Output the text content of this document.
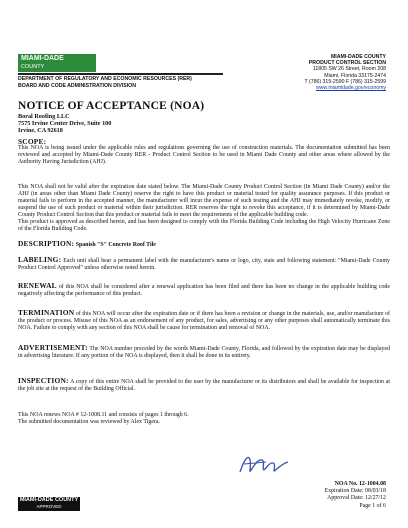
MIAMI-DADE
COUNTY
DEPARTMENT OF REGULATORY AND ECONOMIC RESOURCES (RER)
BOARD AND CODE ADMINISTRATION DIVISION
MIAMI-DADE COUNTY
PRODUCT CONTROL SECTION
11805 SW 26 Street, Room 208
Miami, Florida 33175-2474
T (786) 315-2590 F (786) 315-2599
www.miamidade.gov/economy
NOTICE OF ACCEPTANCE (NOA)
Boral Roofing LLC
7575 Irvine Center Drive, Suite 100
Irvine, CA 92618
SCOPE:

This NOA is being issued under the applicable rules and regulations governing the use of construction materials. The documentation submitted has been reviewed and accepted by Miami-Dade County RER - Product Control Section to be used in Miami Dade County and other areas where allowed by the Authority Having Jurisdiction (AHJ).

This NOA shall not be valid after the expiration date stated below. The Miami-Dade County Product Control Section (In Miami Dade County) and/or the AHJ (in areas other than Miami Dade County) reserve the right to have this product or material tested for quality assurance purposes. If this product or material fails to perform in the accepted manner, the manufacturer will incur the expense of such testing and the AHJ may immediately revoke, modify, or suspend the use of such product or material within their jurisdiction. RER reserves the right to revoke this acceptance, if it is determined by Miami-Dade County Product Control Section that this product or material fails to meet the requirements of the applicable building code.

This product is approved as described herein, and has been designed to comply with the Florida Building Code including the High Velocity Hurricane Zone of the Florida Building Code.

DESCRIPTION: Spanish "S" Concrete Roof Tile
LABELING: Each unit shall bear a permanent label with the manufacturer's name or logo, city, state and following statement: "Miami-Dade County Product Control Approved" unless otherwise noted herein.
RENEWAL of this NOA shall be considered after a renewal application has been filed and there has been no change in the applicable building code negatively affecting the performance of this product.
TERMINATION of this NOA will occur after the expiration date or if there has been a revision or change in the materials, use, and/or manufacture of the product or process. Misuse of this NOA as an endorsement of any product, for sales, advertising or any other purposes shall automatically terminate this NOA. Failure to comply with any section of this NOA shall be cause for termination and removal of NOA.
ADVERTISEMENT: The NOA number preceded by the words Miami-Dade County, Florida, and followed by the expiration date may be displayed in advertising literature. If any portion of the NOA is displayed, then it shall be done in its entirety.
INSPECTION: A copy of this entire NOA shall be provided to the user by the manufacturer or its distributors and shall be available for inspection at the job site at the request of the Building Official.

This NOA renews NOA # 12-1008.11 and consists of pages 1 through 6.

The submitted documentation was reviewed by Alex Tigera.

MIAMI-DADE COUNTY
APPROVED
NOA No. 12-1004.08
Expiration Date: 08/03/18
Approval Date: 12/27/12
Page 1 of 6
